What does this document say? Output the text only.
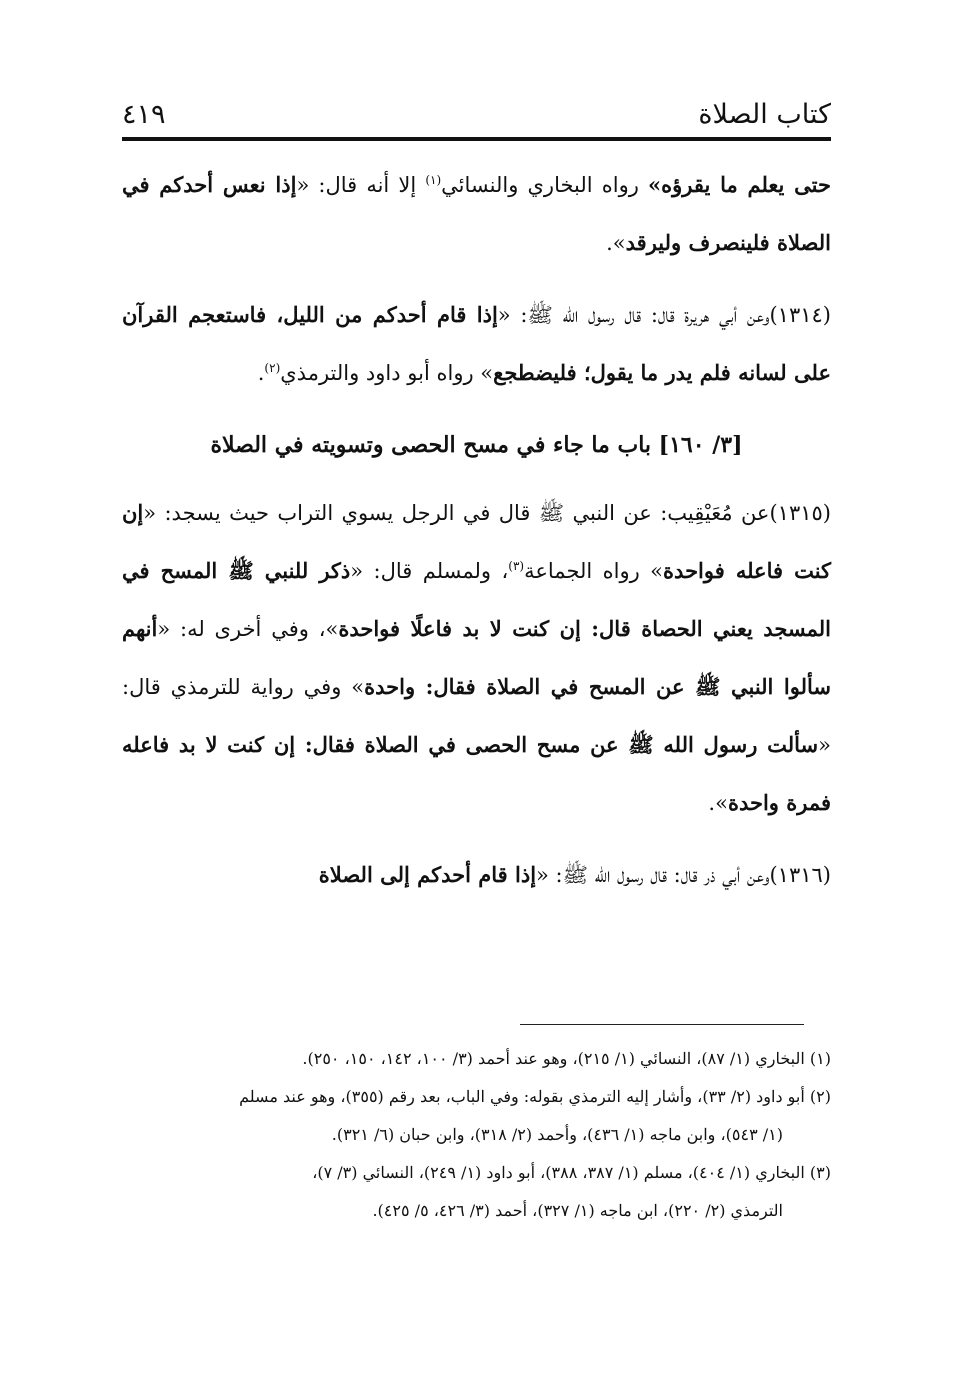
كتاب الصلاة
٤١٩

حتى يعلم ما يقرؤه» رواه البخاري والنسائي$^{(١)}$ إلا أنه قال: «إذا نعس أحدكم في الصلاة فلينصرف وليرقد».

(١٣١٤)وعن أبي هريرة قال: قال رسول الله ﷺ: «إذا قام أحدكم من الليل، فاستعجم القرآن على لسانه فلم يدر ما يقول؛ فليضطجع» رواه أبو داود والترمذي$^{(٢)}$.

[٣/ ١٦٠] باب ما جاء في مسح الحصى وتسويته في الصلاة

(١٣١٥)عن مُعَيْقِيب: عن النبي ﷺ قال في الرجل يسوي التراب حيث يسجد: «إن كنت فاعله فواحدة» رواه الجماعة$^{(٣)}$، ولمسلم قال: «ذكر للنبي ﷺ المسح في المسجد يعني الحصاة قال: إن كنت لا بد فاعلًا فواحدة»، وفي أخرى له: «أنهم سألوا النبي ﷺ عن المسح في الصلاة فقال: واحدة» وفي رواية للترمذي قال: «سألت رسول الله ﷺ عن مسح الحصى في الصلاة فقال: إن كنت لا بد فاعله فمرة واحدة».

(١٣١٦)وعن أبي ذر قال: قال رسول الله ﷺ: «إذا قام أحدكم إلى الصلاة

(١) البخاري (١/ ٨٧)، النسائي (١/ ٢١٥)، وهو عند أحمد (٣/ ١٠٠، ١٤٢، ١٥٠، ٢٥٠).

(٢) أبو داود (٢/ ٣٣)، وأشار إليه الترمذي بقوله: وفي الباب، بعد رقم (٣٥٥)، وهو عند مسلم

(١/ ٥٤٣)، وابن ماجه (١/ ٤٣٦)، وأحمد (٢/ ٣١٨)، وابن حبان (٦/ ٣٢١).

(٣) البخاري (١/ ٤٠٤)، مسلم (١/ ٣٨٧، ٣٨٨)، أبو داود (١/ ٢٤٩)، النسائي (٣/ ٧)،

الترمذي (٢/ ٢٢٠)، ابن ماجه (١/ ٣٢٧)، أحمد (٣/ ٤٢٦، ٥/ ٤٢٥).
